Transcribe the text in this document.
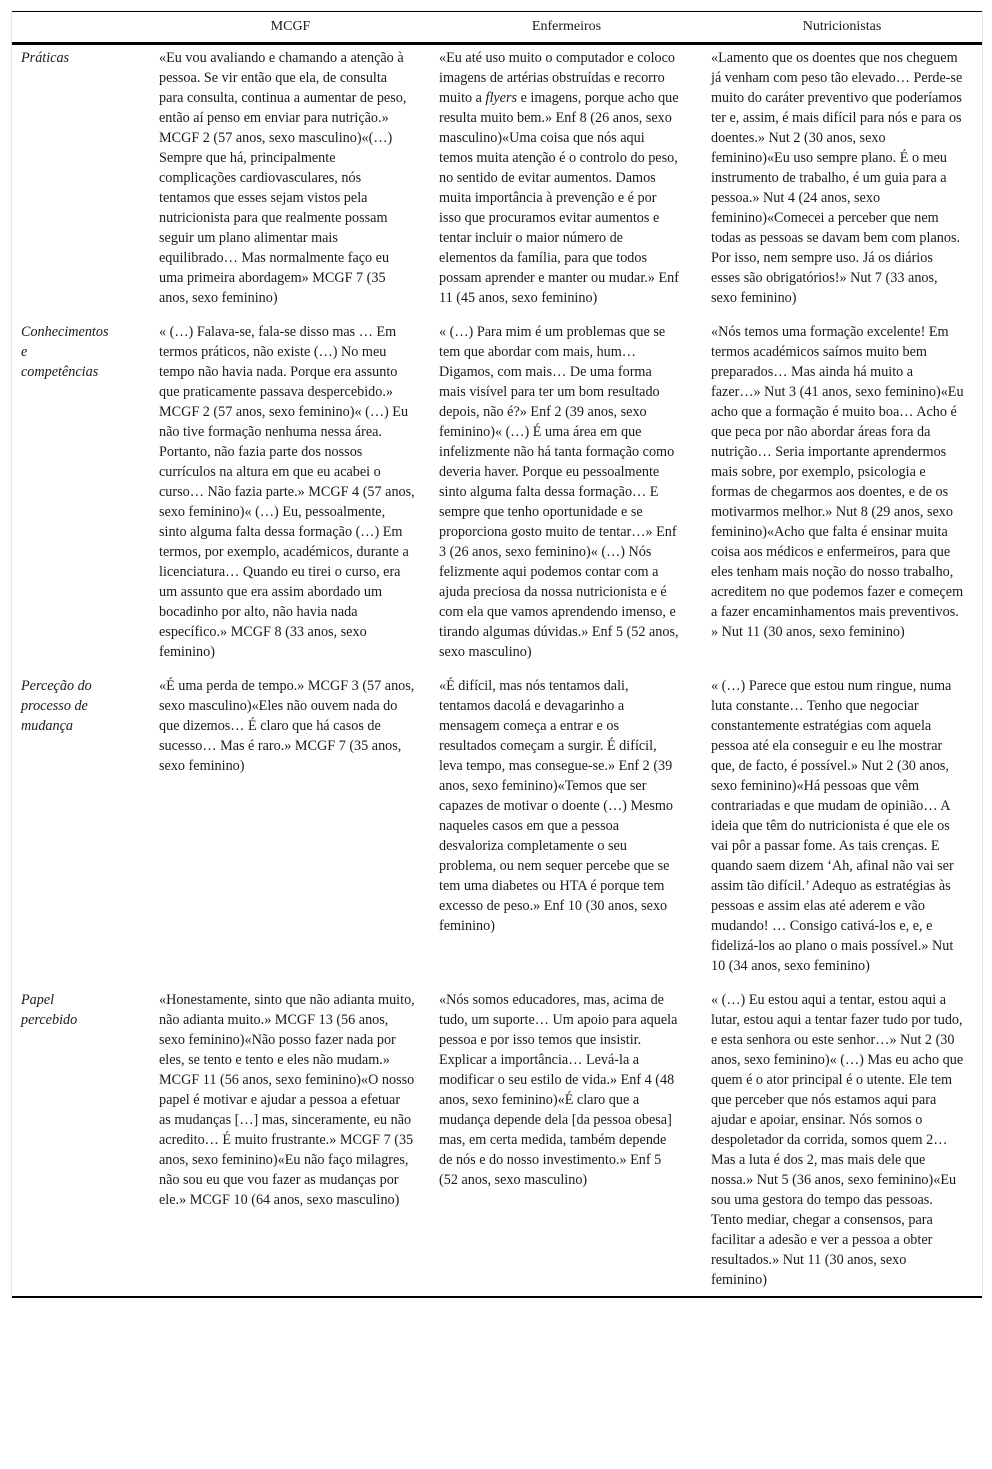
	MCGF	Enfermeiros	Nutricionistas
Práticas	«Eu vou avaliando e chamando a atenção à pessoa. Se vir então que ela, de consulta para consulta, continua a aumentar de peso, então aí penso em enviar para nutrição.» MCGF 2 (57 anos, sexo masculino)«(…) Sempre que há, principalmente complicações cardiovasculares, nós tentamos que esses sejam vistos pela nutricionista para que realmente possam seguir um plano alimentar mais equilibrado… Mas normalmente faço eu uma primeira abordagem» MCGF 7 (35 anos, sexo feminino)	«Eu até uso muito o computador e coloco imagens de artérias obstruídas e recorro muito a flyers e imagens, porque acho que resulta muito bem.» Enf 8 (26 anos, sexo masculino)«Uma coisa que nós aqui temos muita atenção é o controlo do peso, no sentido de evitar aumentos. Damos muita importância à prevenção e é por isso que procuramos evitar aumentos e tentar incluir o maior número de elementos da família, para que todos possam aprender e manter ou mudar.» Enf 11 (45 anos, sexo feminino)	«Lamento que os doentes que nos cheguem já venham com peso tão elevado… Perde-se muito do caráter preventivo que poderíamos ter e, assim, é mais difícil para nós e para os doentes.» Nut 2 (30 anos, sexo feminino)«Eu uso sempre plano. É o meu instrumento de trabalho, é um guia para a pessoa.» Nut 4 (24 anos, sexo feminino)«Comecei a perceber que nem todas as pessoas se davam bem com planos. Por isso, nem sempre uso. Já os diários esses são obrigatórios!» Nut 7 (33 anos, sexo feminino)

Conhecimentos
e
competências
	« (…) Falava-se, fala-se disso mas … Em termos práticos, não existe (…) No meu tempo não havia nada. Porque era assunto que praticamente passava despercebido.» MCGF 2 (57 anos, sexo feminino)« (…) Eu não tive formação nenhuma nessa área. Portanto, não fazia parte dos nossos currículos na altura em que eu acabei o curso… Não fazia parte.» MCGF 4 (57 anos, sexo feminino)« (…) Eu, pessoalmente, sinto alguma falta dessa formação (…) Em termos, por exemplo, académicos, durante a licenciatura… Quando eu tirei o curso, era um assunto que era assim abordado um bocadinho por alto, não havia nada específico.» MCGF 8 (33 anos, sexo feminino)	« (…) Para mim é um problemas que se tem que abordar com mais, hum… Digamos, com mais… De uma forma mais visível para ter um bom resultado depois, não é?» Enf 2 (39 anos, sexo feminino)« (…) É uma área em que infelizmente não há tanta formação como deveria haver. Porque eu pessoalmente sinto alguma falta dessa formação… E sempre que tenho oportunidade e se proporciona gosto muito de tentar…» Enf 3 (26 anos, sexo feminino)« (…) Nós felizmente aqui podemos contar com a ajuda preciosa da nossa nutricionista e é com ela que vamos aprendendo imenso, e tirando algumas dúvidas.» Enf 5 (52 anos, sexo masculino)	«Nós temos uma formação excelente! Em termos académicos saímos muito bem preparados… Mas ainda há muito a fazer…» Nut 3 (41 anos, sexo feminino)«Eu acho que a formação é muito boa… Acho é que peca por não abordar áreas fora da nutrição… Seria importante aprendermos mais sobre, por exemplo, psicologia e formas de chegarmos aos doentes, e de os motivarmos melhor.» Nut 8 (29 anos, sexo feminino)«Acho que falta é ensinar muita coisa aos médicos e enfermeiros, para que eles tenham mais noção do nosso trabalho, acreditem no que podemos fazer e começem a fazer encaminhamentos mais preventivos. » Nut 11 (30 anos, sexo feminino)

Perceção do
processo de
mudança
	«É uma perda de tempo.» MCGF 3 (57 anos, sexo masculino)«Eles não ouvem nada do que dizemos… É claro que há casos de sucesso… Mas é raro.» MCGF 7 (35 anos, sexo feminino)	«É difícil, mas nós tentamos dali, tentamos dacolá e devagarinho a mensagem começa a entrar e os resultados começam a surgir. É difícil, leva tempo, mas consegue-se.» Enf 2 (39 anos, sexo feminino)«Temos que ser capazes de motivar o doente (…) Mesmo naqueles casos em que a pessoa desvaloriza completamente o seu problema, ou nem sequer percebe que se tem uma diabetes ou HTA é porque tem excesso de peso.» Enf 10 (30 anos, sexo feminino)	« (…) Parece que estou num ringue, numa luta constante… Tenho que negociar constantemente estratégias com aquela pessoa até ela conseguir e eu lhe mostrar que, de facto, é possível.» Nut 2 (30 anos, sexo feminino)«Há pessoas que vêm contrariadas e que mudam de opinião… A ideia que têm do nutricionista é que ele os vai pôr a passar fome. As tais crenças. E quando saem dizem ‘Ah, afinal não vai ser assim tão difícil.’ Adequo as estratégias às pessoas e assim elas até aderem e vão mudando! … Consigo cativá-los e, e, e fidelizá-los ao plano o mais possível.» Nut 10 (34 anos, sexo feminino)

Papel
percebido
	«Honestamente, sinto que não adianta muito, não adianta muito.» MCGF 13 (56 anos, sexo feminino)«Não posso fazer nada por eles, se tento e tento e eles não mudam.» MCGF 11 (56 anos, sexo feminino)«O nosso papel é motivar e ajudar a pessoa a efetuar as mudanças […] mas, sinceramente, eu não acredito… É muito frustrante.» MCGF 7 (35 anos, sexo feminino)«Eu não faço milagres, não sou eu que vou fazer as mudanças por ele.» MCGF 10 (64 anos, sexo masculino)	«Nós somos educadores, mas, acima de tudo, um suporte… Um apoio para aquela pessoa e por isso temos que insistir. Explicar a importância… Levá-la a modificar o seu estilo de vida.» Enf 4 (48 anos, sexo feminino)«É claro que a mudança depende dela [da pessoa obesa] mas, em certa medida, também depende de nós e do nosso investimento.» Enf 5 (52 anos, sexo masculino)	« (…) Eu estou aqui a tentar, estou aqui a lutar, estou aqui a tentar fazer tudo por tudo, e esta senhora ou este senhor…» Nut 2 (30 anos, sexo feminino)« (…) Mas eu acho que quem é o ator principal é o utente. Ele tem que perceber que nós estamos aqui para ajudar e apoiar, ensinar. Nós somos o despoletador da corrida, somos quem 2… Mas a luta é dos 2, mas mais dele que nossa.» Nut 5 (36 anos, sexo feminino)«Eu sou uma gestora do tempo das pessoas. Tento mediar, chegar a consensos, para facilitar a adesão e ver a pessoa a obter resultados.» Nut 11 (30 anos, sexo feminino)
